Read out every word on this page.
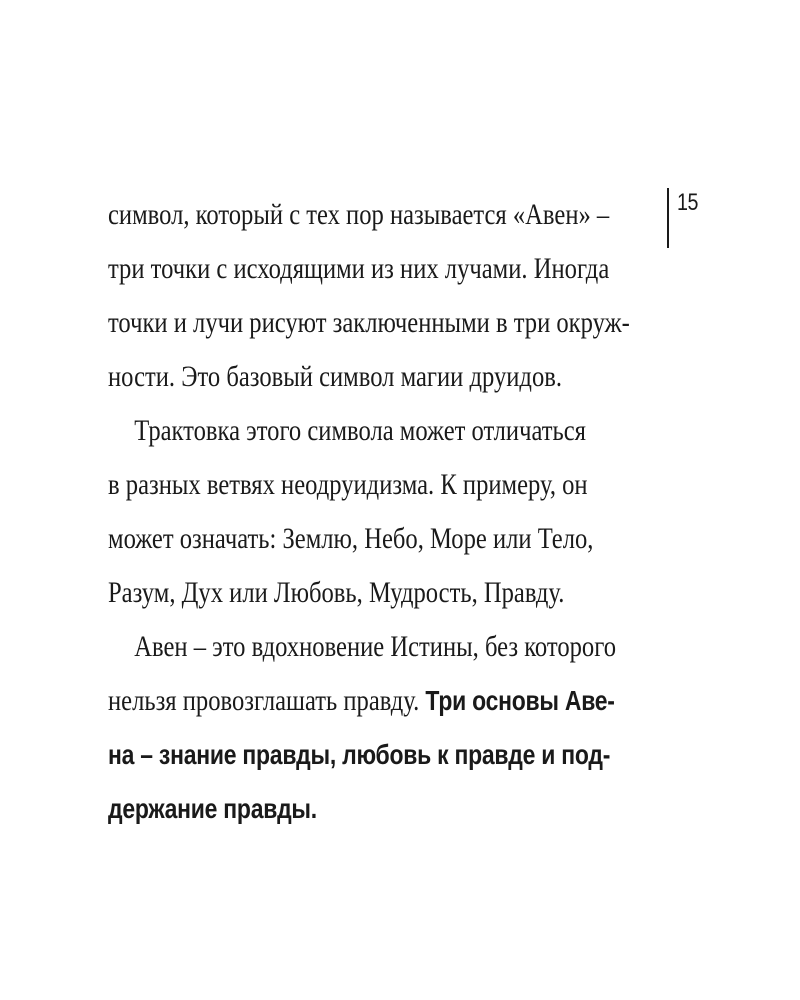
15
символ, который с тех пор называется «Авен» –
три точки с исходящими из них лучами. Иногда
точки и лучи рисуют заключенными в три окруж-
ности. Это базовый символ магии друидов.
Трактовка этого символа может отличаться
в разных ветвях неодруидизма. К примеру, он
может означать: Землю, Небо, Море или Тело,
Разум, Дух или Любовь, Мудрость, Правду.
Авен – это вдохновение Истины, без которого
нельзя провозглашать правду. Три основы Аве-
на – знание правды, любовь к правде и под-
держание правды.
